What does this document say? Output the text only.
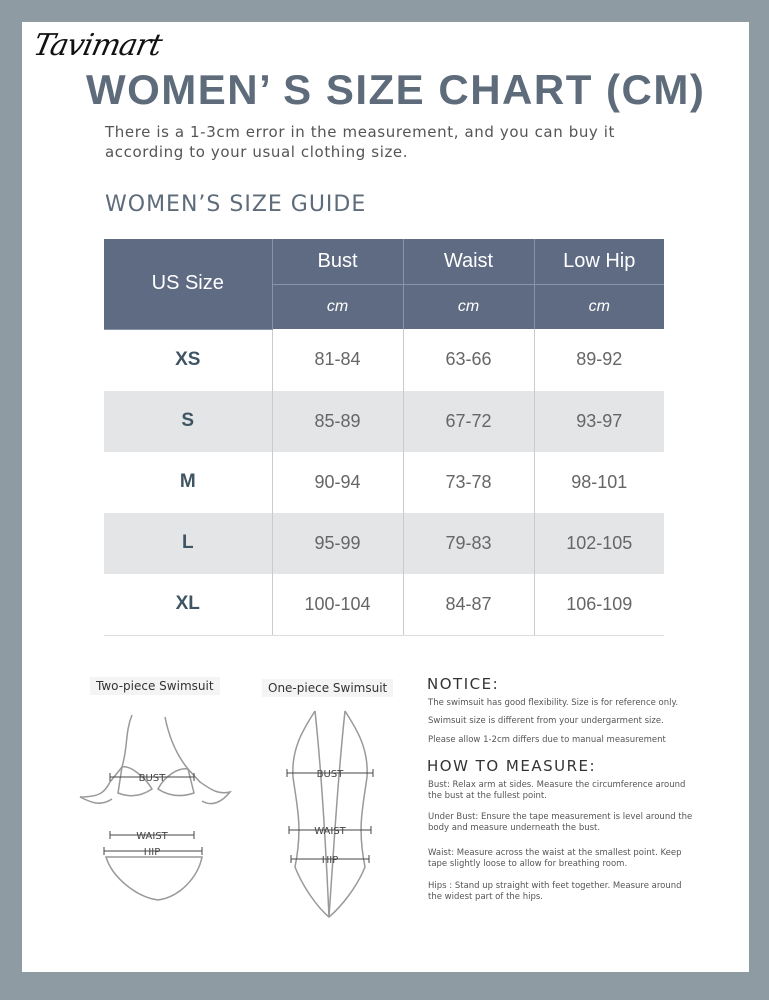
Tavimart
WOMEN’ S SIZE CHART (CM)
There is a 1-3cm error in the measurement, and you can buy it according to your usual clothing size.
WOMEN’S SIZE GUIDE
US Size	Bust	Waist	Low Hip
	cm	cm	cm
XS	81-84	63-66	89-92
S	85-89	67-72	93-97
M	90-94	73-78	98-101
L	95-99	79-83	102-105
XL	100-104	84-87	106-109
Two-piece Swimsuit	One-piece Swimsuit
BUST
WAIST
HIP
BUST
WAIST
HIP
NOTICE:
The swimsuit has good flexibility. Size is for reference only.
Swimsuit size is different from your undergarment size.
Please allow 1-2cm differs due to manual measurement
HOW TO MEASURE:
Bust: Relax arm at sides. Measure the circumference around the bust at the fullest point.
Under Bust: Ensure the tape measurement is level around the body and measure underneath the bust.
Waist: Measure across the waist at the smallest point. Keep tape slightly loose to allow for breathing room.
Hips : Stand up straight with feet together. Measure around the widest part of the hips.
